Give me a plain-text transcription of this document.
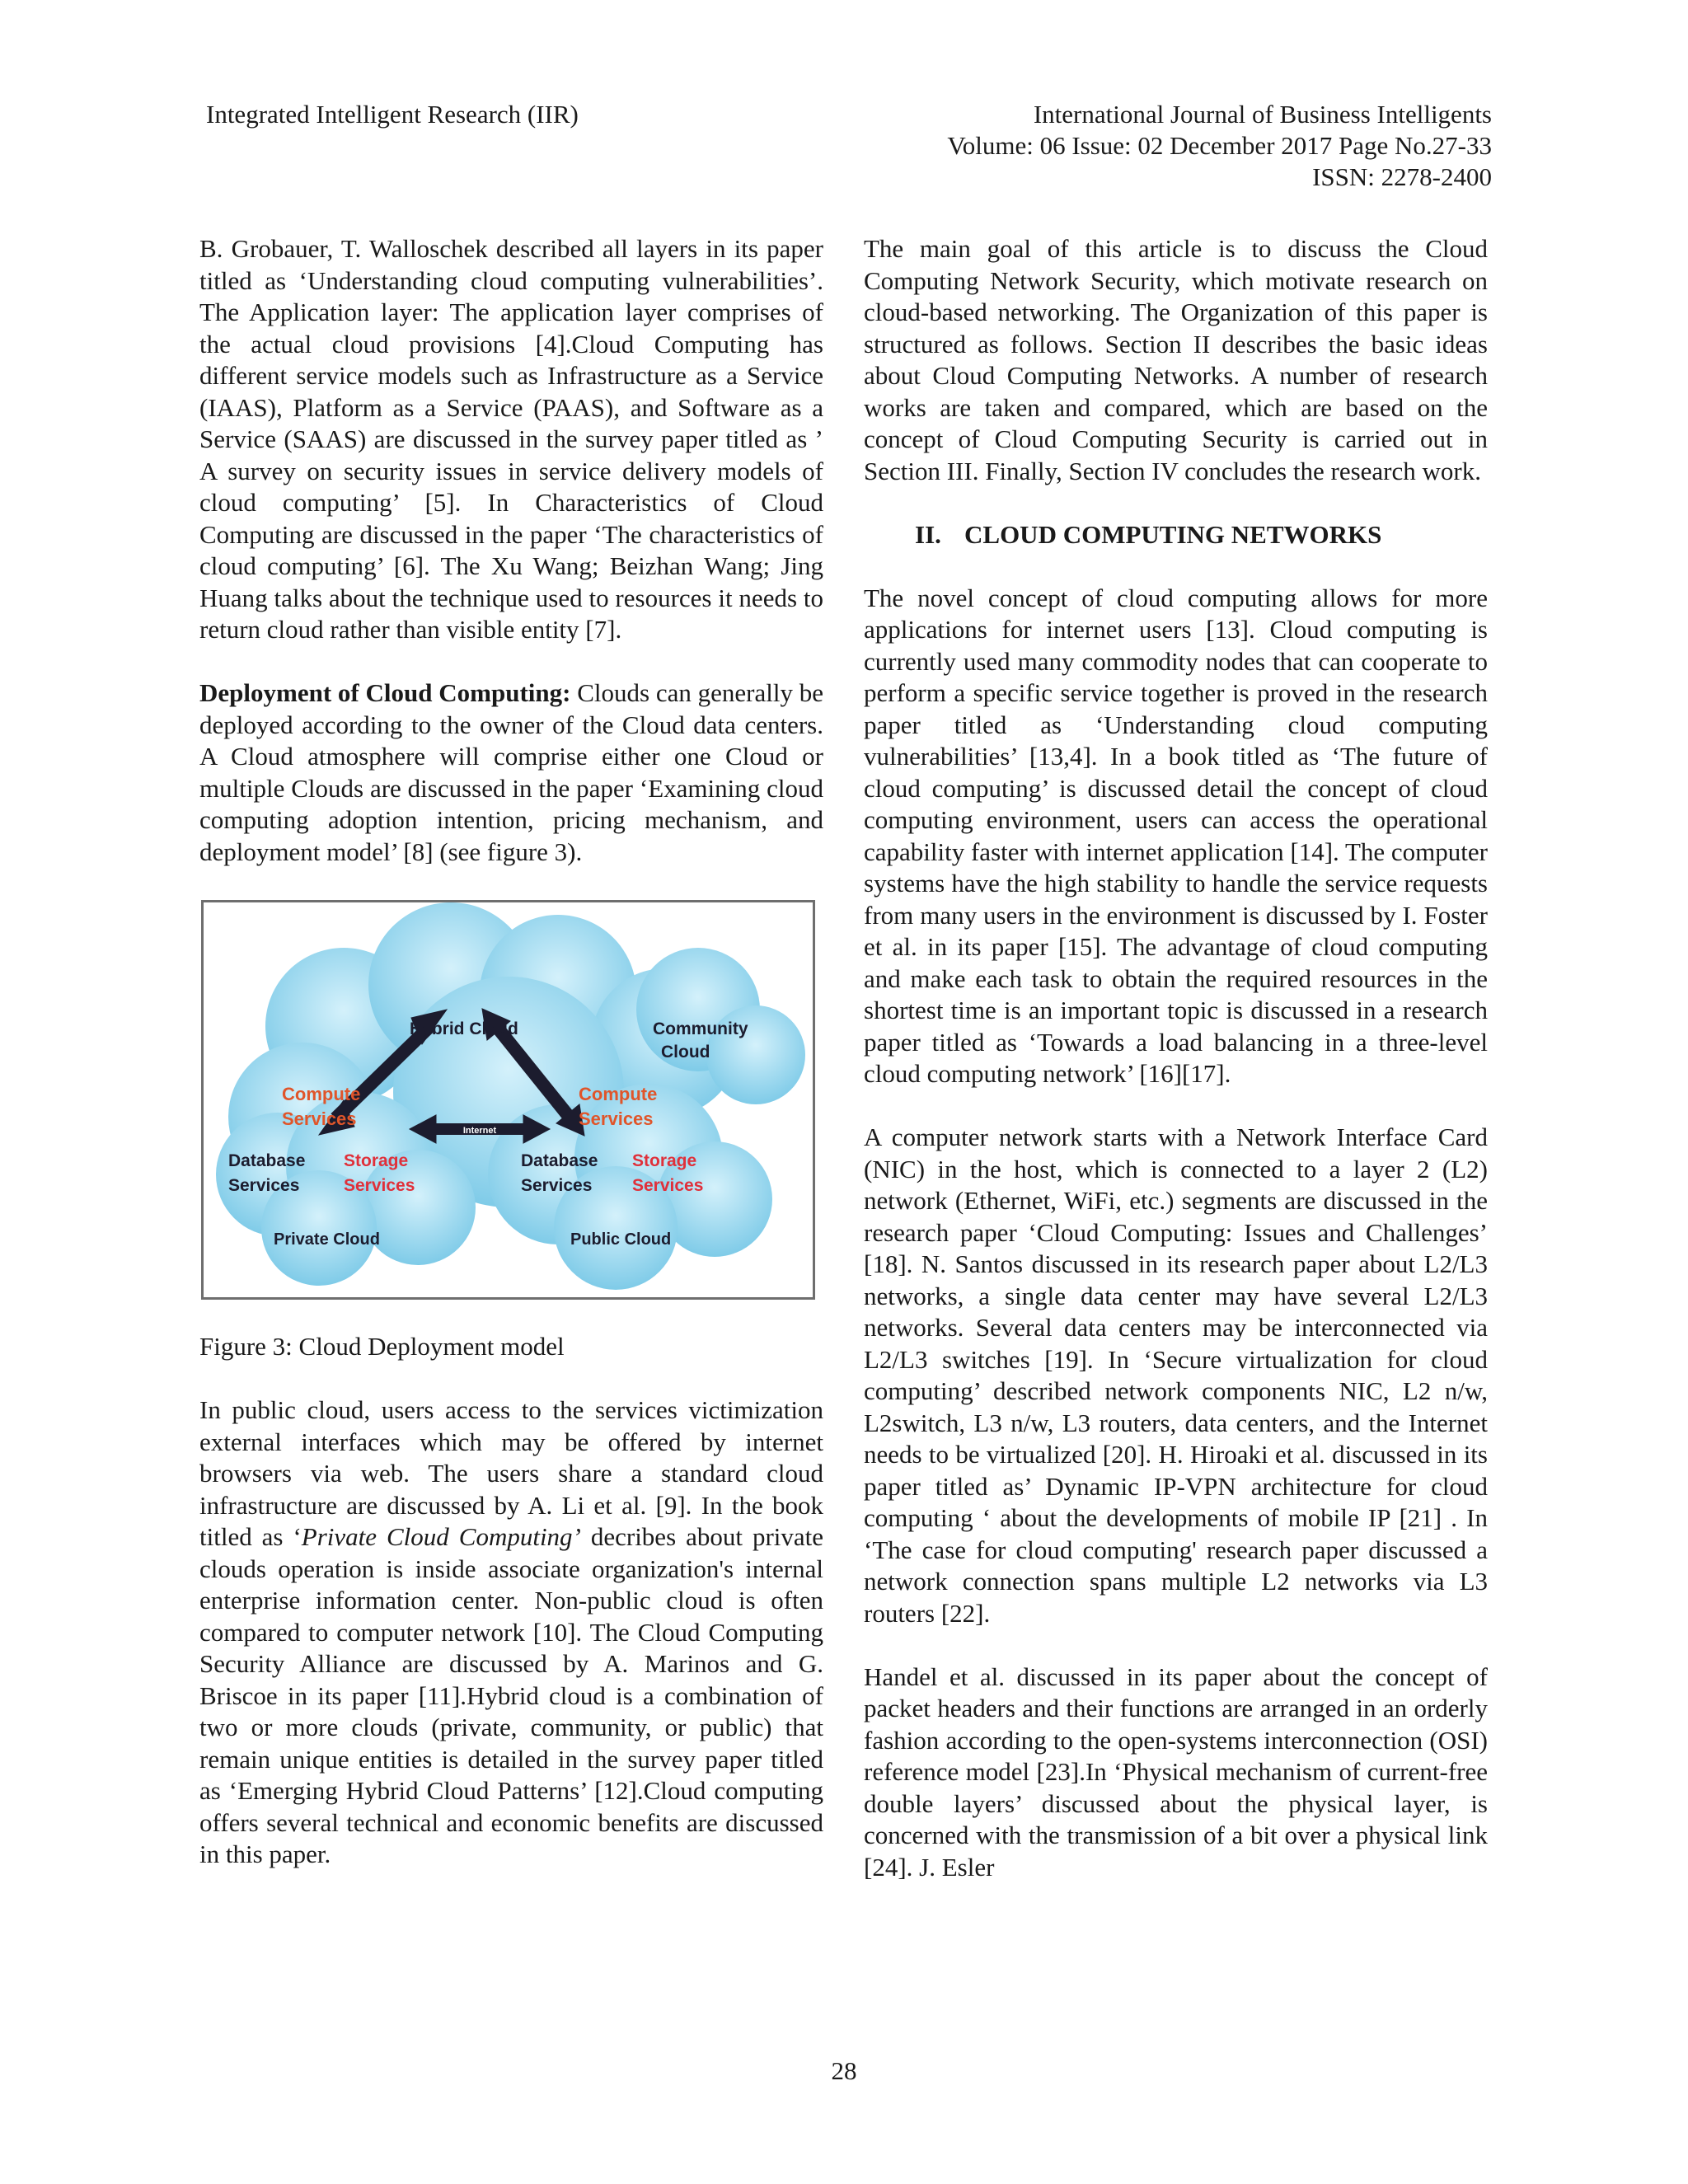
Integrated Intelligent Research (IIR)	International Journal of Business Intelligents
Volume: 06 Issue: 02 December 2017 Page No.27-33
ISSN: 2278-2400

B. Grobauer, T. Walloschek described all layers in its paper titled as ‘Understanding cloud computing vulnerabilities’. The Application layer: The application layer comprises of the actual cloud provisions [4].Cloud Computing has different service models such as Infrastructure as a Service (IAAS), Platform as a Service (PAAS), and Software as a Service (SAAS) are discussed in the survey paper titled as ’ A survey on security issues in service delivery models of cloud computing’ [5]. In Characteristics of Cloud Computing are discussed in the paper ‘The characteristics of cloud computing’ [6]. The Xu Wang; Beizhan Wang; Jing Huang talks about the technique used to resources it needs to return cloud rather than visible entity [7].

Deployment of Cloud Computing: Clouds can generally be deployed according to the owner of the Cloud data centers. A Cloud atmosphere will comprise either one Cloud or multiple Clouds are discussed in the paper ‘Examining cloud computing adoption intention, pricing mechanism, and deployment model’ [8] (see figure 3).

Internet
Hybrid Cloud	Community
Cloud
Compute
Services
Compute
Services
Database
Services
Storage
Services
Database
Services
Storage
Services
Private Cloud	Public Cloud

Figure 3: Cloud Deployment model

In public cloud, users access to the services victimization external interfaces which may be offered by internet browsers via web. The users share a standard cloud infrastructure are discussed by A. Li et al. [9]. In the book titled as ‘Private Cloud Computing’ decribes about private clouds operation is inside associate organization's internal enterprise information center. Non-public cloud is often compared to computer network [10]. The Cloud Computing Security Alliance are discussed by A. Marinos and G. Briscoe in its paper [11].Hybrid cloud is a combination of two or more clouds (private, community, or public) that remain unique entities is detailed in the survey paper titled as ‘Emerging Hybrid Cloud Patterns’ [12].Cloud computing offers several technical and economic benefits are discussed in this paper.

The main goal of this article is to discuss the Cloud Computing Network Security, which motivate research on cloud-based networking. The Organization of this paper is structured as follows. Section II describes the basic ideas about Cloud Computing Networks. A number of research works are taken and compared, which are based on the concept of Cloud Computing Security is carried out in Section III. Finally, Section IV concludes the research work.

II. CLOUD COMPUTING NETWORKS

The novel concept of cloud computing allows for more applications for internet users [13]. Cloud computing is currently used many commodity nodes that can cooperate to perform a specific service together is proved in the research paper titled as ‘Understanding cloud computing vulnerabilities’ [13,4]. In a book titled as ‘The future of cloud computing’ is discussed detail the concept of cloud computing environment, users can access the operational capability faster with internet application [14]. The computer systems have the high stability to handle the service requests from many users in the environment is discussed by I. Foster et al. in its paper [15]. The advantage of cloud computing and make each task to obtain the required resources in the shortest time is an important topic is discussed in a research paper titled as ‘Towards a load balancing in a three-level cloud computing network’ [16][17].

A computer network starts with a Network Interface Card (NIC) in the host, which is connected to a layer 2 (L2) network (Ethernet, WiFi, etc.) segments are discussed in the research paper ‘Cloud Computing: Issues and Challenges’ [18]. N. Santos discussed in its research paper about L2/L3 networks, a single data center may have several L2/L3 networks. Several data centers may be interconnected via L2/L3 switches [19]. In ‘Secure virtualization for cloud computing’ described network components NIC, L2 n/w, L2switch, L3 n/w, L3 routers, data centers, and the Internet needs to be virtualized [20]. H. Hiroaki et al. discussed in its paper titled as’ Dynamic IP-VPN architecture for cloud computing ‘ about the developments of mobile IP [21] . In ‘The case for cloud computing' research paper discussed a network connection spans multiple L2 networks via L3 routers [22].

Handel et al. discussed in its paper about the concept of packet headers and their functions are arranged in an orderly fashion according to the open-systems interconnection (OSI) reference model [23].In ‘Physical mechanism of current-free double layers’ discussed about the physical layer, is concerned with the transmission of a bit over a physical link [24]. J. Esler

28
